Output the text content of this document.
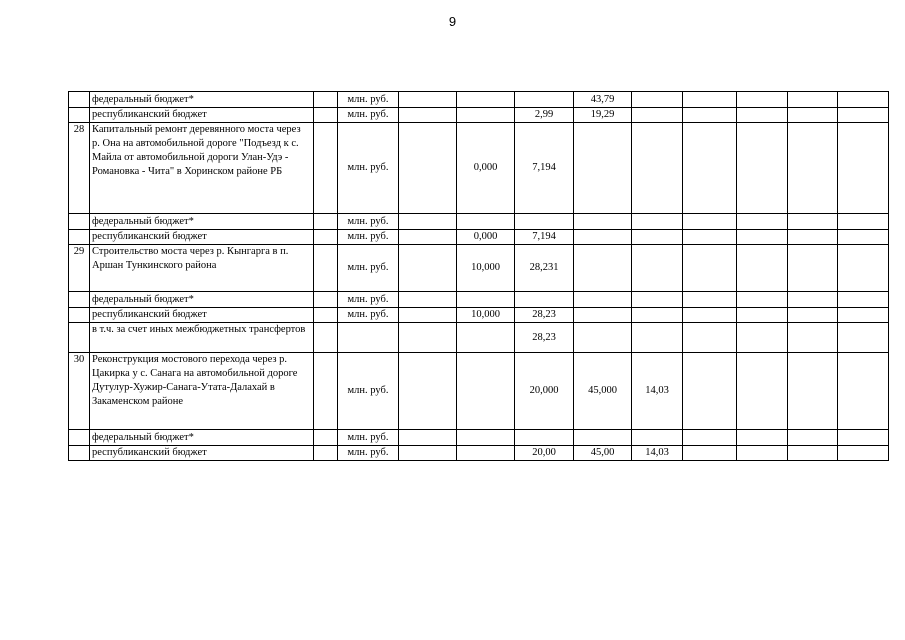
9
	федеральный бюджет*		млн. руб.				43,79					
	республиканский бюджет		млн. руб.			2,99	19,29					
28	Капитальный ремонт деревянного моста через р. Она на автомобильной дороге "Подъезд к с. Майла от автомобильной дороги Улан-Удэ - Романовка - Чита" в Хоринском районе РБ		млн. руб.		0,000	7,194						
	федеральный бюджет*		млн. руб.									
	республиканский бюджет		млн. руб.		0,000	7,194						
29	Строительство моста через р. Кынгарга в п. Аршан Тункинского района		млн. руб.		10,000	28,231						
	федеральный бюджет*		млн. руб.									
	республиканский бюджет		млн. руб.		10,000	28,23						

	в т.ч. за счет иных межбюджетных трансфертов					28,23						
30	Реконструкция мостового перехода через р. Цакирка у с. Санага на автомобильной дороге Дутулур-Хужир-Санага-Утата-Далахай в Закаменском районе		млн. руб.			20,000	45,000	14,03				
	федеральный бюджет*		млн. руб.									
	республиканский бюджет		млн. руб.			20,00	45,00	14,03				
